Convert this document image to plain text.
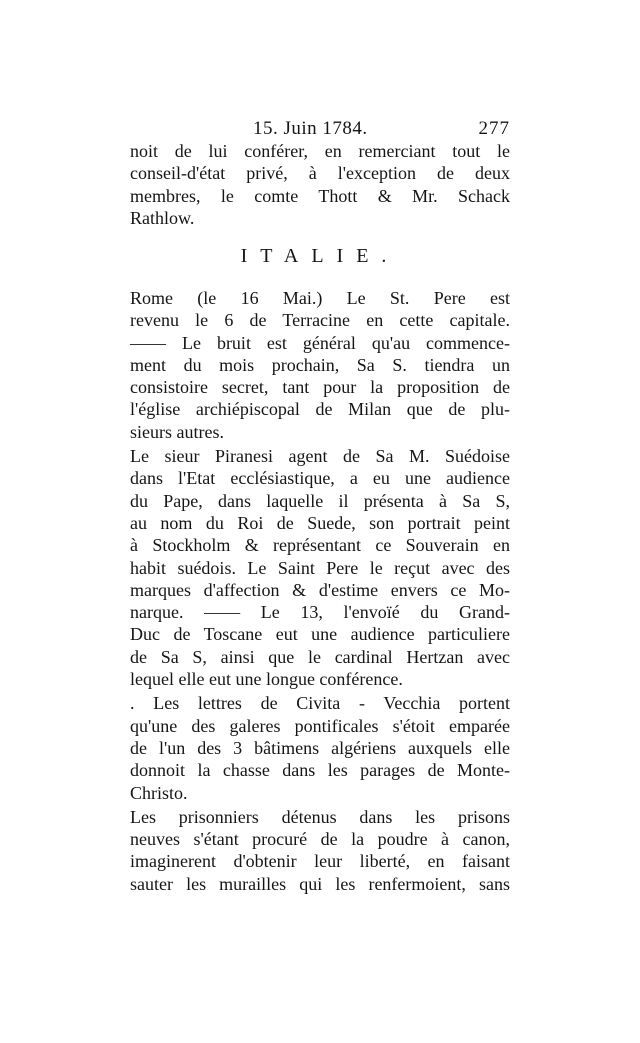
15. Juin 1784.	277
noit de lui conférer, en remerciant tout le
conseil-d'état privé, à l'exception de deux
membres, le comte Thott & Mr. Schack
Rathlow.
ITALIE.

Rome (le 16 Mai.) Le St. Pere est
revenu le 6 de Terracine en cette capitale.
—— Le bruit est général qu'au commence-
ment du mois prochain, Sa S. tiendra un
consistoire secret, tant pour la proposition de
l'église archiépiscopal de Milan que de plu-
sieurs autres.

Le sieur Piranesi agent de Sa M. Suédoise
dans l'Etat ecclésiastique, a eu une audience
du Pape, dans laquelle il présenta à Sa S,
au nom du Roi de Suede, son portrait peint
à Stockholm & représentant ce Souverain en
habit suédois. Le Saint Pere le reçut avec des
marques d'affection & d'estime envers ce Mo-
narque. —— Le 13, l'envoïé du Grand-
Duc de Toscane eut une audience particuliere
de Sa S, ainsi que le cardinal Hertzan avec
lequel elle eut une longue conférence.

. Les lettres de Civita - Vecchia portent
qu'une des galeres pontificales s'étoit emparée
de l'un des 3 bâtimens algériens auxquels elle
donnoit la chasse dans les parages de Monte-
Christo.

Les prisonniers détenus dans les prisons
neuves s'étant procuré de la poudre à canon,
imaginerent d'obtenir leur liberté, en faisant
sauter les murailles qui les renfermoient, sans
